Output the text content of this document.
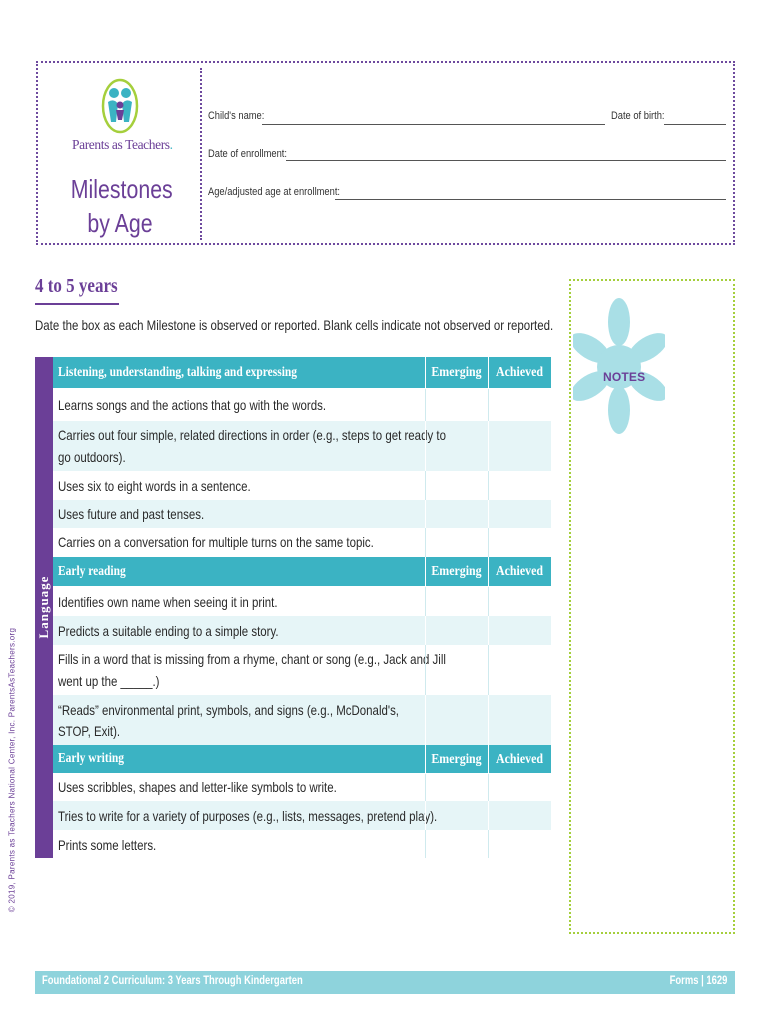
Parents as Teachers.
Milestones
by Age
Child's name:	Date of birth:
Date of enrollment:
Age/adjusted age at enrollment:
4 to 5 years
Date the box as each Milestone is observed or reported. Blank cells indicate not observed or reported.
Language
Listening, understanding, talking and expressing	Emerging Achieved
Learns songs and the actions that go with the words.
Carries out four simple, related directions in order (e.g., steps to get ready to
go outdoors).
Uses six to eight words in a sentence.
Uses future and past tenses.
Carries on a conversation for multiple turns on the same topic.
Early reading	Emerging Achieved
Identifies own name when seeing it in print.
Predicts a suitable ending to a simple story.
Fills in a word that is missing from a rhyme, chant or song (e.g., Jack and Jill
went up the _____.)
“Reads” environmental print, symbols, and signs (e.g., McDonald's,
STOP, Exit).
Early writing	Emerging Achieved
Uses scribbles, shapes and letter-like symbols to write.
Tries to write for a variety of purposes (e.g., lists, messages, pretend play).
Prints some letters.
NOTES
© 2019, Parents as Teachers National Center, Inc. ParentsAsTeachers.org
Foundational 2 Curriculum: 3 Years Through Kindergarten	Forms | 1629
